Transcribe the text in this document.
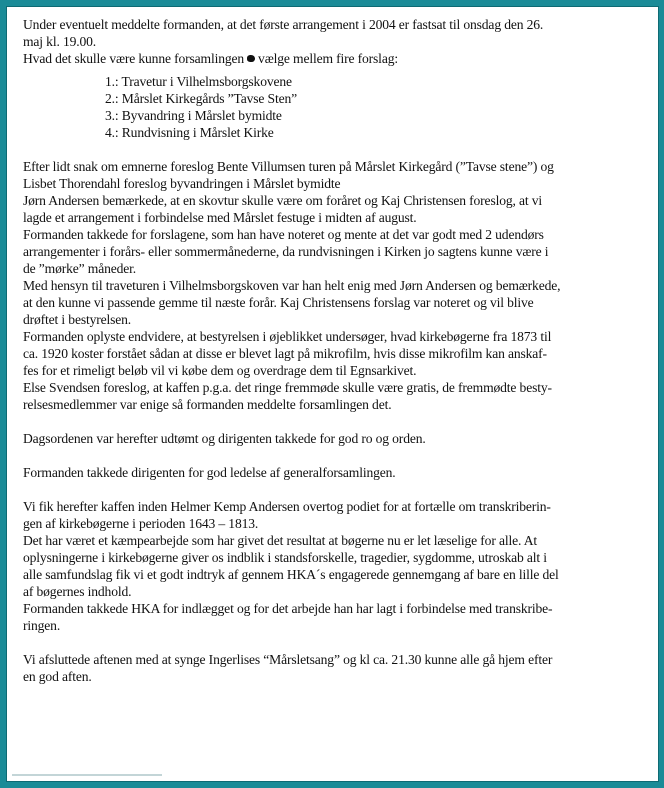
Under eventuelt meddelte formanden, at det første arrangement i 2004 er fastsat til onsdag den 26.

maj kl. 19.00.

Hvad det skulle være kunne forsamlingen vælge mellem fire forslag:

1.: Travetur i Vilhelmsborgskovene
2.: Mårslet Kirkegårds ”Tavse Sten”
3.: Byvandring i Mårslet bymidte
4.: Rundvisning i Mårslet Kirke

Efter lidt snak om emnerne foreslog Bente Villumsen turen på Mårslet Kirkegård (”Tavse stene”) og

Lisbet Thorendahl foreslog byvandringen i Mårslet bymidte

Jørn Andersen bemærkede, at en skovtur skulle være om foråret og Kaj Christensen foreslog, at vi

lagde et arrangement i forbindelse med Mårslet festuge i midten af august.

Formanden takkede for forslagene, som han have noteret og mente at det var godt med 2 udendørs

arrangementer i forårs- eller sommermånederne, da rundvisningen i Kirken jo sagtens kunne være i

de ”mørke” måneder.

Med hensyn til traveturen i Vilhelmsborgskoven var han helt enig med Jørn Andersen og bemærkede,

at den kunne vi passende gemme til næste forår. Kaj Christensens forslag var noteret og vil blive

drøftet i bestyrelsen.

Formanden oplyste endvidere, at bestyrelsen i øjeblikket undersøger, hvad kirkebøgerne fra 1873 til

ca. 1920 koster forstået sådan at disse er blevet lagt på mikrofilm, hvis disse mikrofilm kan anskaf-

fes for et rimeligt beløb vil vi købe dem og overdrage dem til Egnsarkivet.

Else Svendsen foreslog, at kaffen p.g.a. det ringe fremmøde skulle være gratis, de fremmødte besty-

relsesmedlemmer var enige så formanden meddelte forsamlingen det.

Dagsordenen var herefter udtømt og dirigenten takkede for god ro og orden.

Formanden takkede dirigenten for god ledelse af generalforsamlingen.

Vi fik herefter kaffen inden Helmer Kemp Andersen overtog podiet for at fortælle om transkriberin-

gen af kirkebøgerne i perioden 1643 – 1813.

Det har været et kæmpearbejde som har givet det resultat at bøgerne nu er let læselige for alle. At

oplysningerne i kirkebøgerne giver os indblik i standsforskelle, tragedier, sygdomme, utroskab alt i

alle samfundslag fik vi et godt indtryk af gennem HKA´s engagerede gennemgang af bare en lille del

af bøgernes indhold.

Formanden takkede HKA for indlægget og for det arbejde han har lagt i forbindelse med transkribe-

ringen.

Vi afsluttede aftenen med at synge Ingerlises “Mårsletsang” og kl ca. 21.30 kunne alle gå hjem efter

en god aften.
